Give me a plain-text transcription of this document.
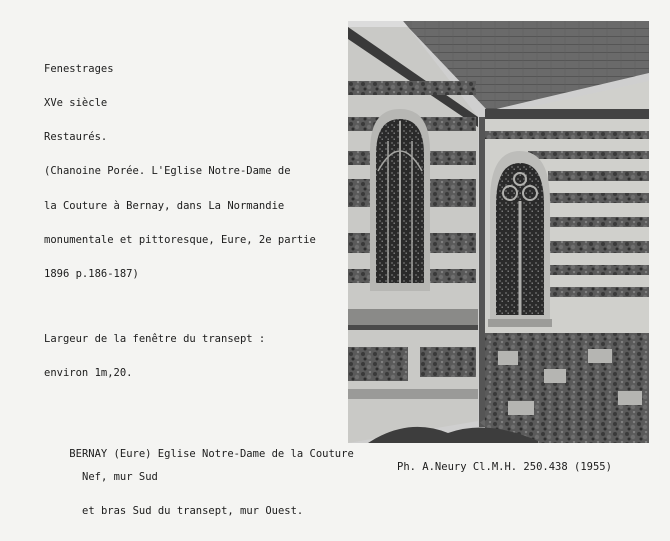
Fenestrages

XVe siècle

Restaurés.

(Chanoine Porée. L'Eglise Notre-Dame de

la Couture à Bernay, dans La Normandie

monumentale et pittoresque, Eure, 2e partie

1896 p.186-187)

Largeur de la fenêtre du transept :

environ 1m,20.

BERNAY (Eure) Eglise Notre-Dame de la Couture

Nef, mur Sud

et bras Sud du transept, mur Ouest.

Ph. A.Neury Cl.M.H. 250.438 (1955)
